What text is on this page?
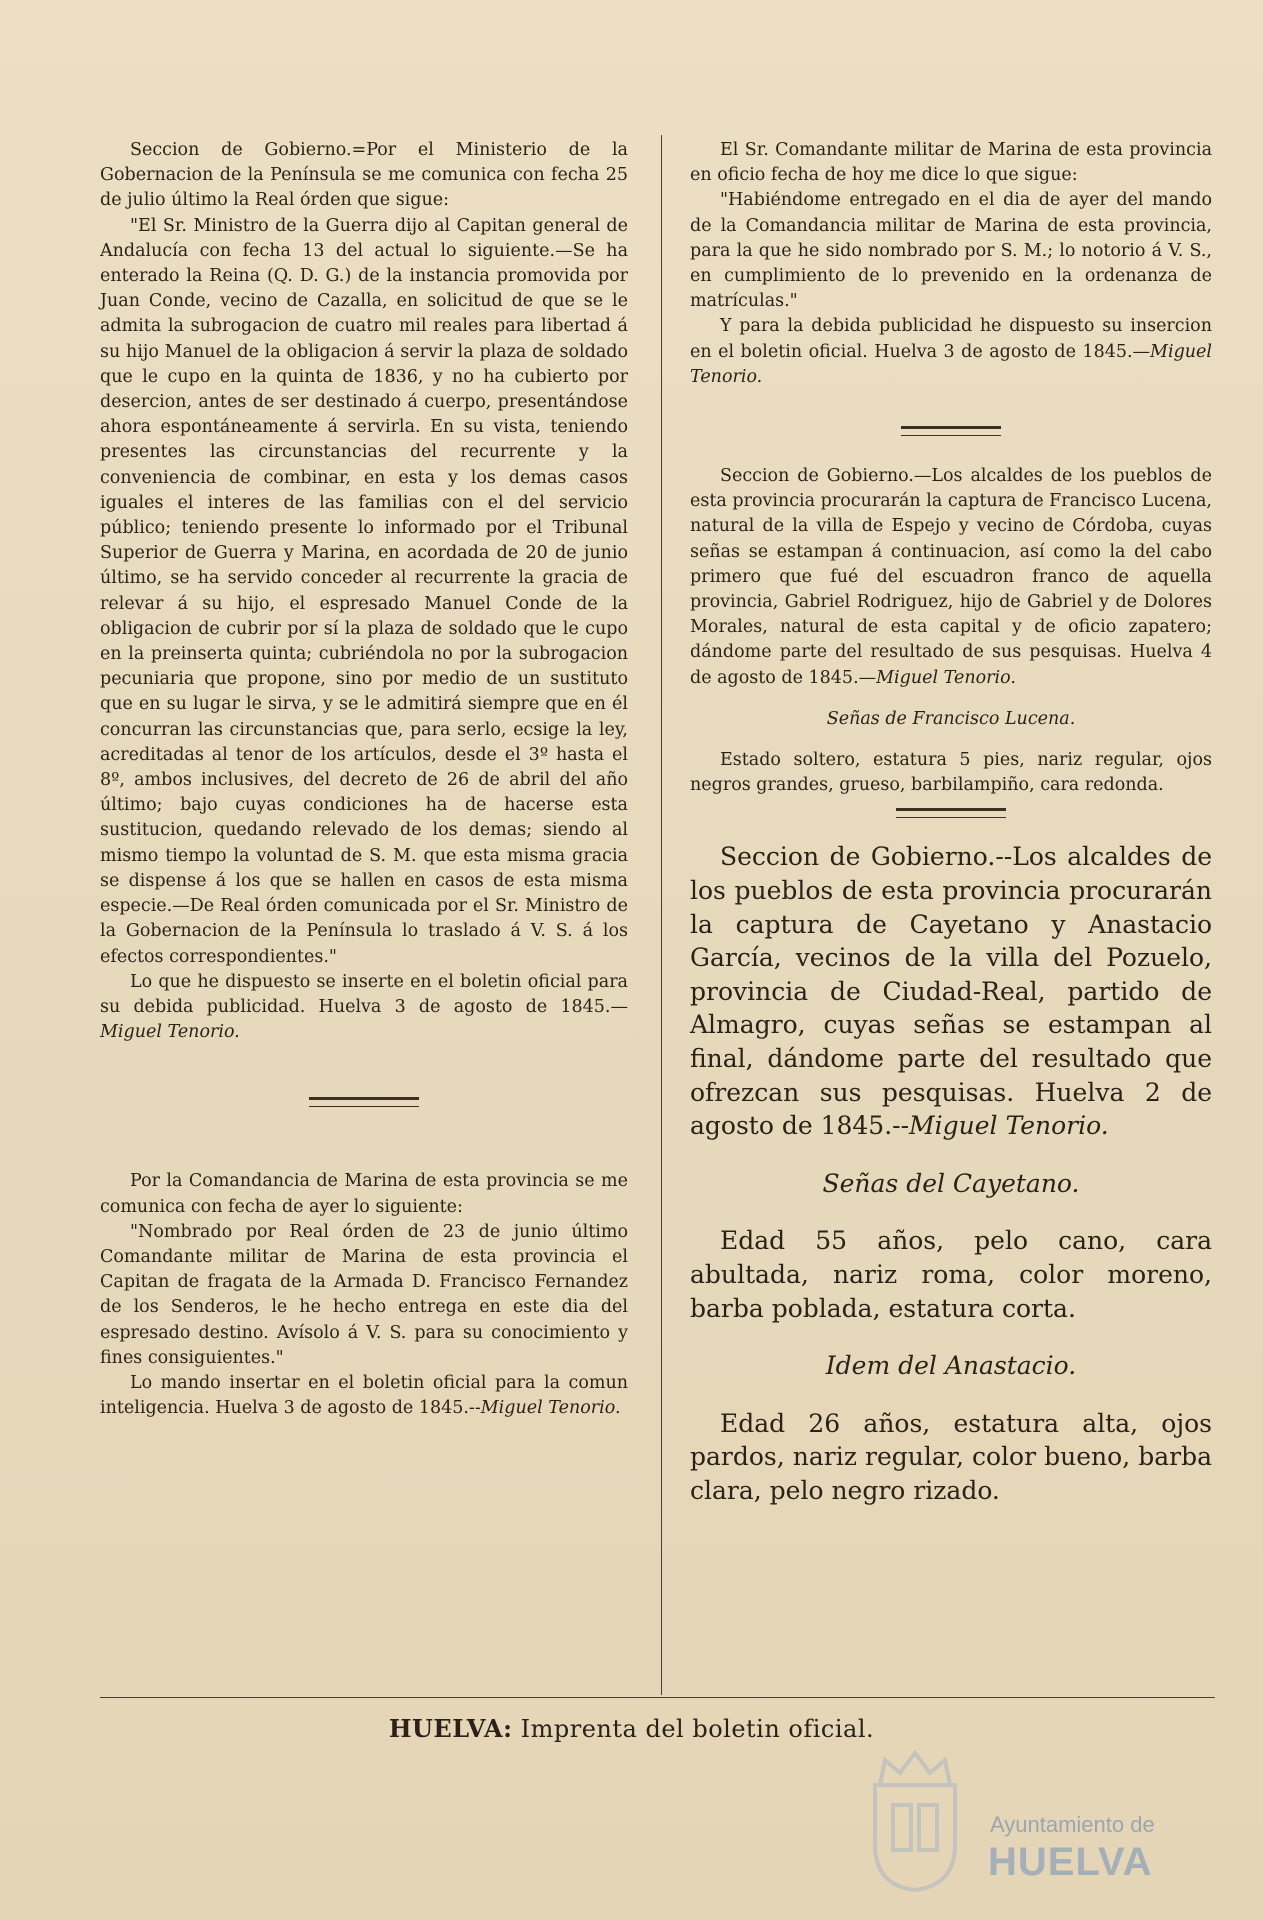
Seccion de Gobierno.=Por el Ministerio de la Gobernacion de la Península se me comunica con fecha 25 de julio último la Real órden que sigue:

"El Sr. Ministro de la Guerra dijo al Capitan general de Andalucía con fecha 13 del actual lo siguiente.—Se ha enterado la Reina (Q. D. G.) de la instancia promovida por Juan Conde, vecino de Cazalla, en solicitud de que se le admita la subrogacion de cuatro mil reales para libertad á su hijo Manuel de la obligacion á servir la plaza de soldado que le cupo en la quinta de 1836, y no ha cubierto por desercion, antes de ser destinado á cuerpo, presentándose ahora espontáneamente á servirla. En su vista, teniendo presentes las circunstancias del recurrente y la conveniencia de combinar, en esta y los demas casos iguales el interes de las familias con el del servicio público; teniendo presente lo informado por el Tribunal Superior de Guerra y Marina, en acordada de 20 de junio último, se ha servido conceder al recurrente la gracia de relevar á su hijo, el espresado Manuel Conde de la obligacion de cubrir por sí la plaza de soldado que le cupo en la preinserta quinta; cubriéndola no por la subrogacion pecuniaria que propone, sino por medio de un sustituto que en su lugar le sirva, y se le admitirá siempre que en él concurran las circunstancias que, para serlo, ecsige la ley, acreditadas al tenor de los artículos, desde el 3º hasta el 8º, ambos inclusives, del decreto de 26 de abril del año último; bajo cuyas condiciones ha de hacerse esta sustitucion, quedando relevado de los demas; siendo al mismo tiempo la voluntad de S. M. que esta misma gracia se dispense á los que se hallen en casos de esta misma especie.—De Real órden comunicada por el Sr. Ministro de la Gobernacion de la Península lo traslado á V. S. á los efectos correspondientes."

Lo que he dispuesto se inserte en el boletin oficial para su debida publicidad. Huelva 3 de agosto de 1845.—Miguel Tenorio.

Por la Comandancia de Marina de esta provincia se me comunica con fecha de ayer lo siguiente:

"Nombrado por Real órden de 23 de junio último Comandante militar de Marina de esta provincia el Capitan de fragata de la Armada D. Francisco Fernandez de los Senderos, le he hecho entrega en este dia del espresado destino. Avísolo á V. S. para su conocimiento y fines consiguientes."

Lo mando insertar en el boletin oficial para la comun inteligencia. Huelva 3 de agosto de 1845.--Miguel Tenorio.

El Sr. Comandante militar de Marina de esta provincia en oficio fecha de hoy me dice lo que sigue:

"Habiéndome entregado en el dia de ayer del mando de la Comandancia militar de Marina de esta provincia, para la que he sido nombrado por S. M.; lo notorio á V. S., en cumplimiento de lo prevenido en la ordenanza de matrículas."

Y para la debida publicidad he dispuesto su insercion en el boletin oficial. Huelva 3 de agosto de 1845.—Miguel Tenorio.

Seccion de Gobierno.—Los alcaldes de los pueblos de esta provincia procurarán la captura de Francisco Lucena, natural de la villa de Espejo y vecino de Córdoba, cuyas señas se estampan á continuacion, así como la del cabo primero que fué del escuadron franco de aquella provincia, Gabriel Rodriguez, hijo de Gabriel y de Dolores Morales, natural de esta capital y de oficio zapatero; dándome parte del resultado de sus pesquisas. Huelva 4 de agosto de 1845.—Miguel Tenorio.

Señas de Francisco Lucena.

Estado soltero, estatura 5 pies, nariz regular, ojos negros grandes, grueso, barbilampiño, cara redonda.

Seccion de Gobierno.--Los alcaldes de los pueblos de esta provincia procurarán la captura de Cayetano y Anastacio García, vecinos de la villa del Pozuelo, provincia de Ciudad-Real, partido de Almagro, cuyas señas se estampan al final, dándome parte del resultado que ofrezcan sus pesquisas. Huelva 2 de agosto de 1845.--Miguel Tenorio.

Señas del Cayetano.

Edad 55 años, pelo cano, cara abultada, nariz roma, color moreno, barba poblada, estatura corta.

Idem del Anastacio.

Edad 26 años, estatura alta, ojos pardos, nariz regular, color bueno, barba clara, pelo negro rizado.

HUELVA: Imprenta del boletin oficial.
Ayuntamiento de
HUELVA
